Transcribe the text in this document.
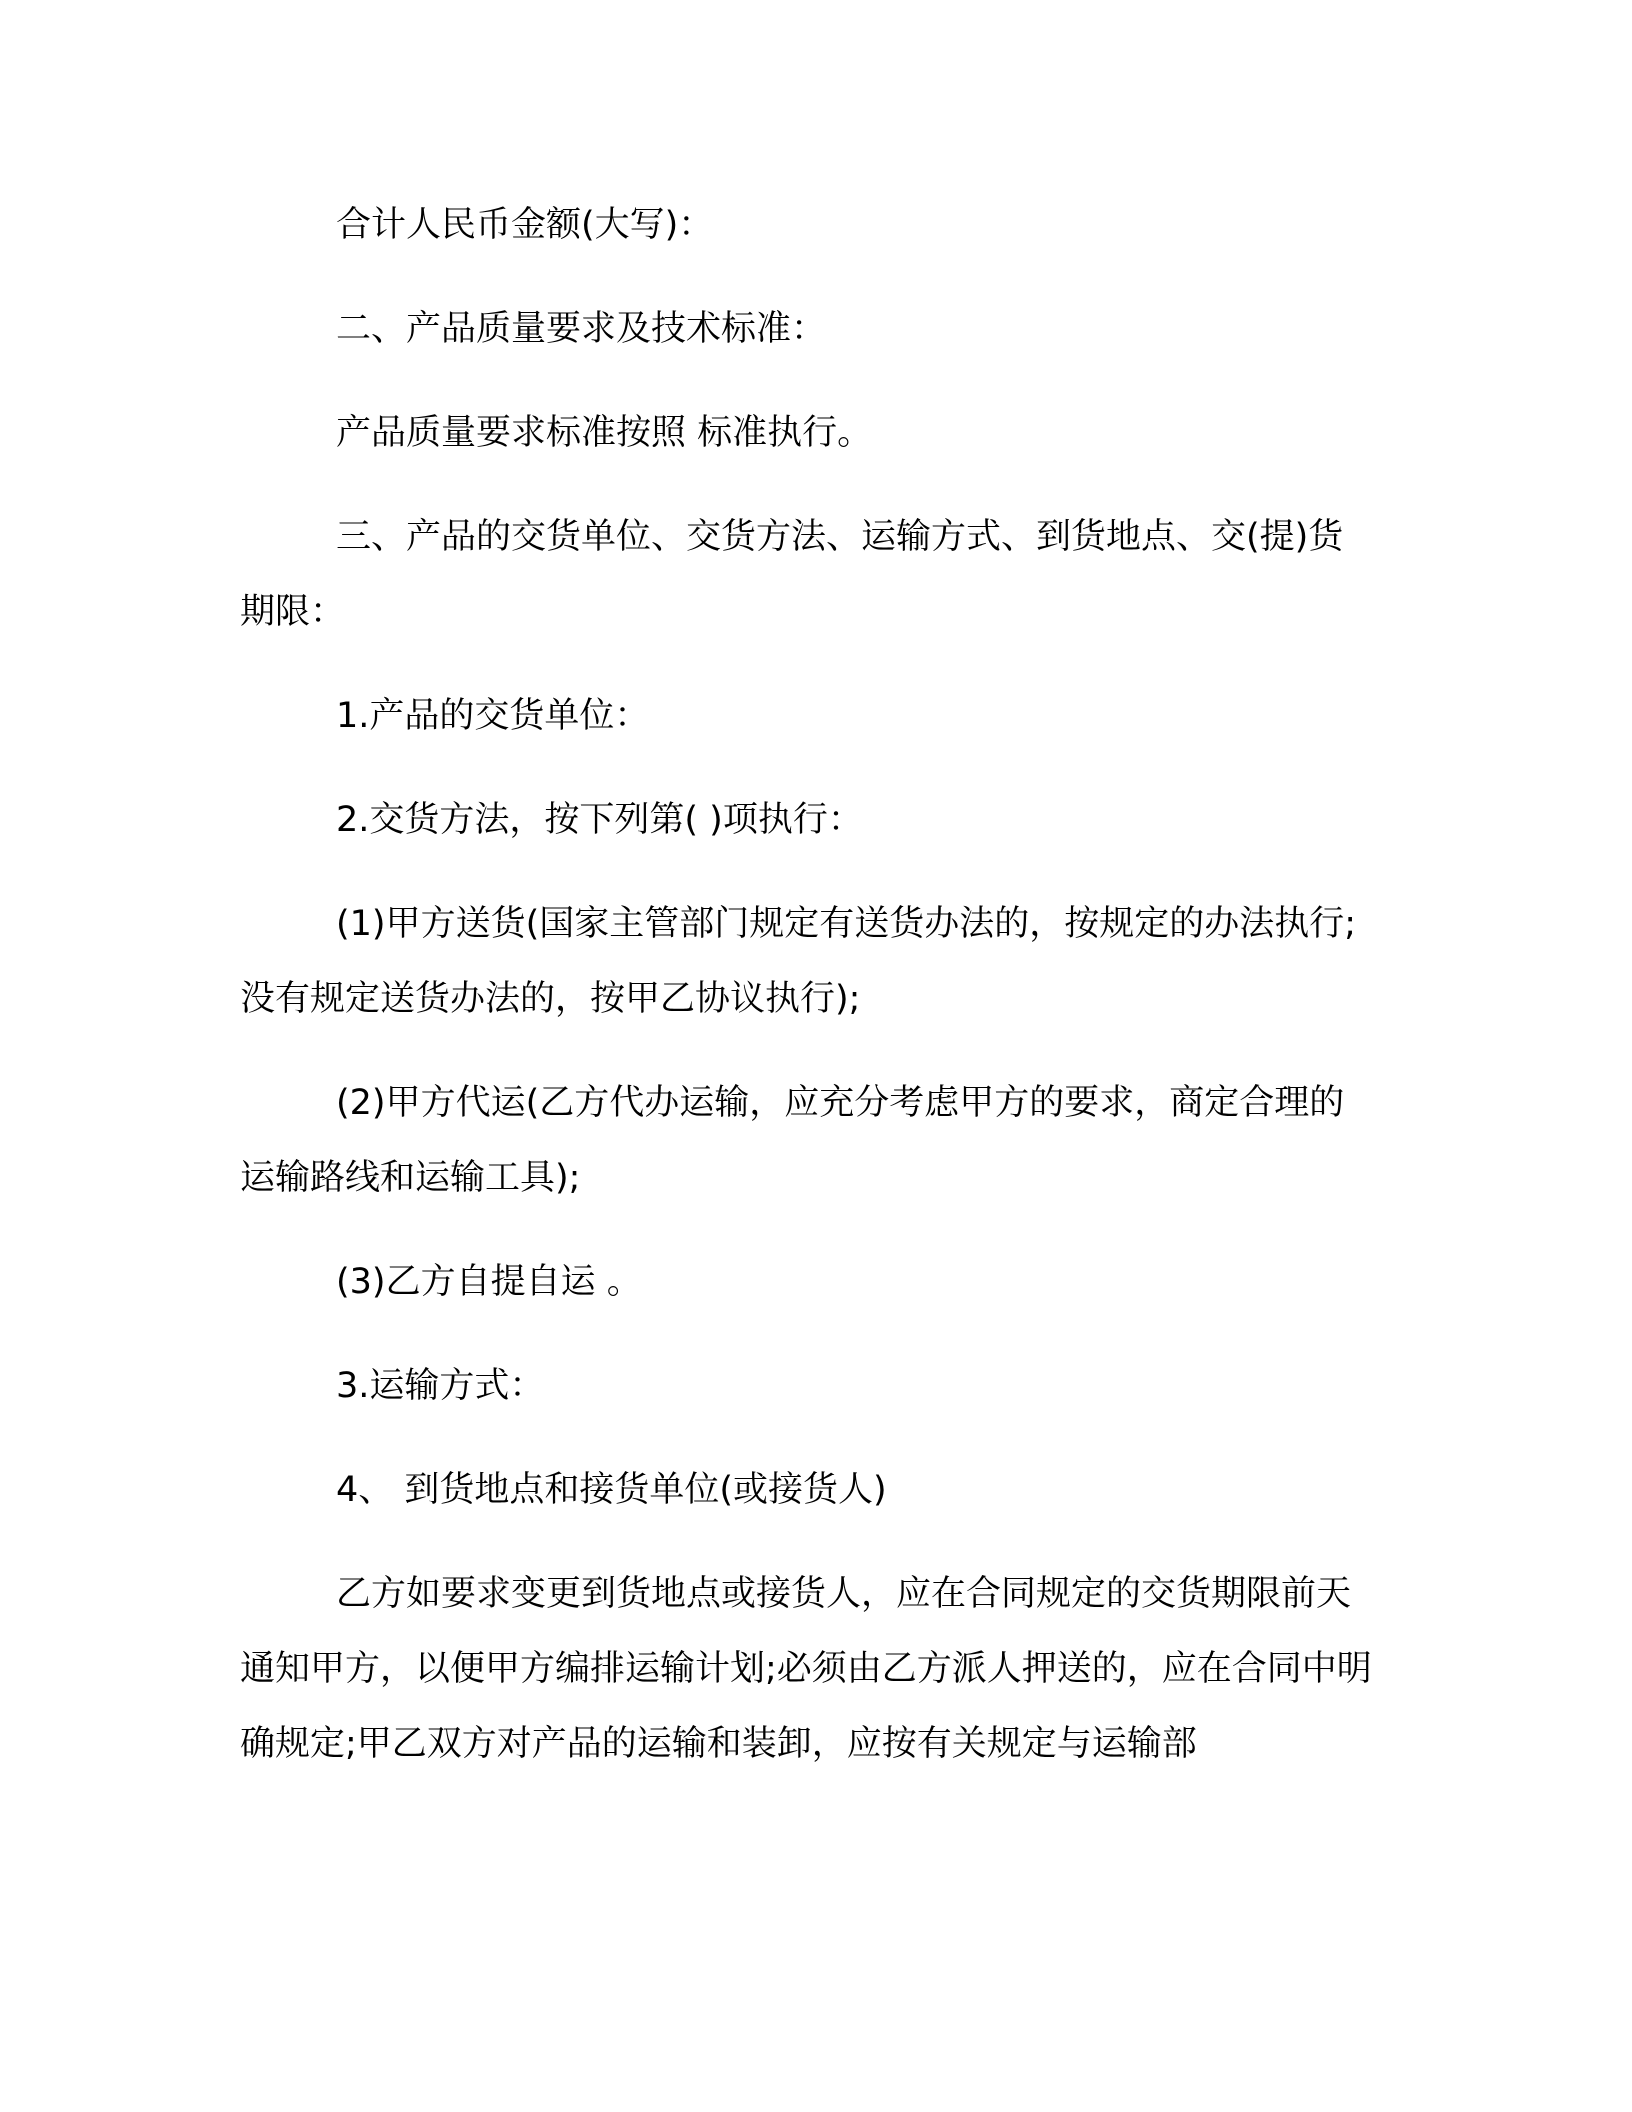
合计人民币金额(大写)：

二、产品质量要求及技术标准：

产品质量要求标准按照 标准执行。

三、产品的交货单位、交货方法、运输方式、到货地点、交(提)货期限：

1.产品的交货单位：

2.交货方法，按下列第( )项执行：

(1)甲方送货(国家主管部门规定有送货办法的，按规定的办法执行;没有规定送货办法的，按甲乙协议执行);

(2)甲方代运(乙方代办运输，应充分考虑甲方的要求，商定合理的运输路线和运输工具);

(3)乙方自提自运 。

3.运输方式：

4、 到货地点和接货单位(或接货人)

乙方如要求变更到货地点或接货人，应在合同规定的交货期限前天通知甲方，以便甲方编排运输计划;必须由乙方派人押送的，应在合同中明确规定;甲乙双方对产品的运输和装卸，应按有关规定与运输部
